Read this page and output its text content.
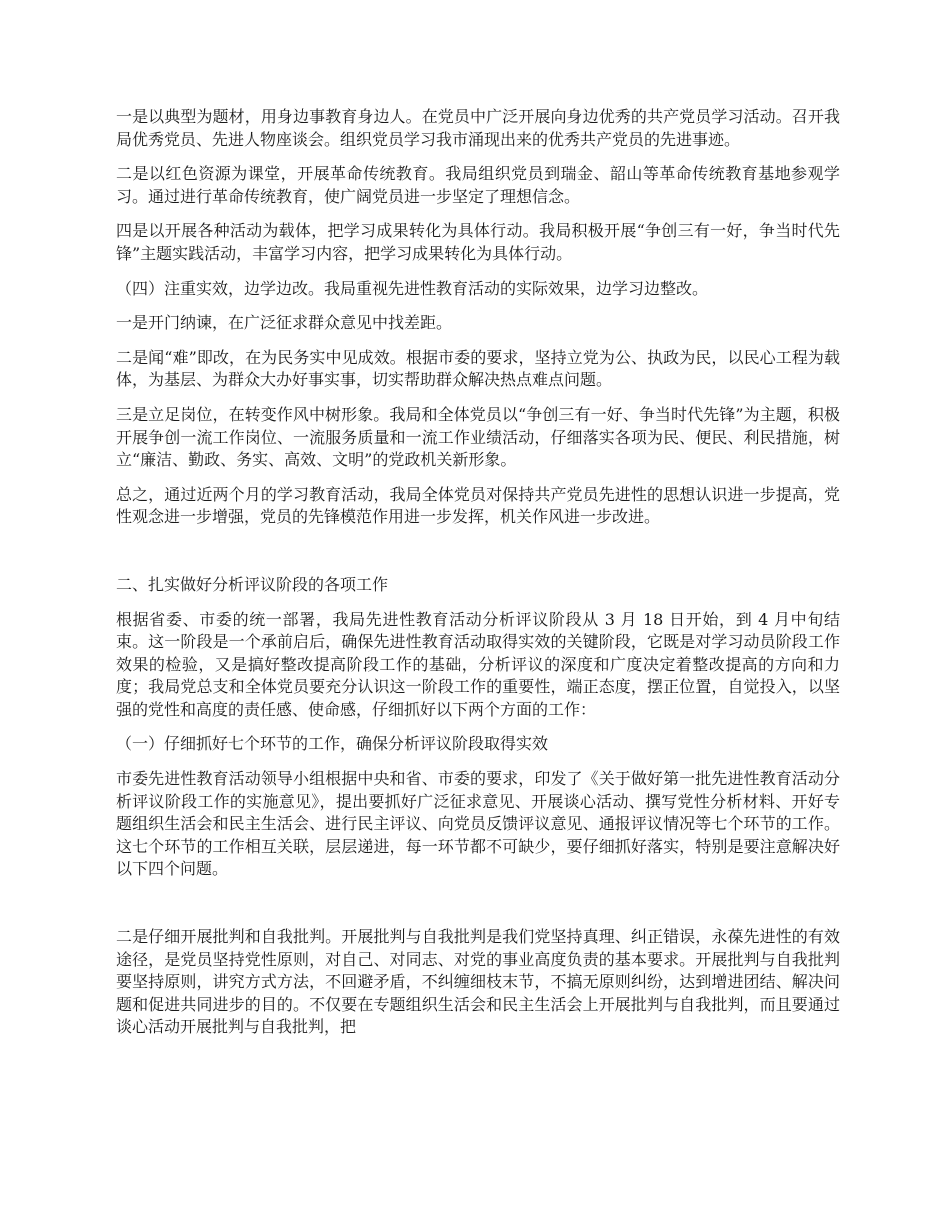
一是以典型为题材，用身边事教育身边人。在党员中广泛开展向身边优秀的共产党员学习活动。召开我局优秀党员、先进人物座谈会。组织党员学习我市涌现出来的优秀共产党员的先进事迹。

二是以红色资源为课堂，开展革命传统教育。我局组织党员到瑞金、韶山等革命传统教育基地参观学习。通过进行革命传统教育，使广阔党员进一步坚定了理想信念。

四是以开展各种活动为载体，把学习成果转化为具体行动。我局积极开展“争创三有一好，争当时代先锋”主题实践活动，丰富学习内容，把学习成果转化为具体行动。

（四）注重实效，边学边改。我局重视先进性教育活动的实际效果，边学习边整改。

一是开门纳谏，在广泛征求群众意见中找差距。

二是闻“难”即改，在为民务实中见成效。根据市委的要求，坚持立党为公、执政为民，以民心工程为载体，为基层、为群众大办好事实事，切实帮助群众解决热点难点问题。

三是立足岗位，在转变作风中树形象。我局和全体党员以“争创三有一好、争当时代先锋”为主题，积极开展争创一流工作岗位、一流服务质量和一流工作业绩活动，仔细落实各项为民、便民、利民措施，树立“廉洁、勤政、务实、高效、文明”的党政机关新形象。

总之，通过近两个月的学习教育活动，我局全体党员对保持共产党员先进性的思想认识进一步提高，党性观念进一步增强，党员的先锋模范作用进一步发挥，机关作风进一步改进。

二、扎实做好分析评议阶段的各项工作

根据省委、市委的统一部署，我局先进性教育活动分析评议阶段从 3 月 18 日开始，到 4 月中旬结束。这一阶段是一个承前启后，确保先进性教育活动取得实效的关键阶段，它既是对学习动员阶段工作效果的检验，又是搞好整改提高阶段工作的基础，分析评议的深度和广度决定着整改提高的方向和力度；我局党总支和全体党员要充分认识这一阶段工作的重要性，端正态度，摆正位置，自觉投入，以坚强的党性和高度的责任感、使命感，仔细抓好以下两个方面的工作：

（一）仔细抓好七个环节的工作，确保分析评议阶段取得实效

市委先进性教育活动领导小组根据中央和省、市委的要求，印发了《关于做好第一批先进性教育活动分析评议阶段工作的实施意见》，提出要抓好广泛征求意见、开展谈心活动、撰写党性分析材料、开好专题组织生活会和民主生活会、进行民主评议、向党员反馈评议意见、通报评议情况等七个环节的工作。这七个环节的工作相互关联，层层递进，每一环节都不可缺少，要仔细抓好落实，特别是要注意解决好以下四个问题。

二是仔细开展批判和自我批判。开展批判与自我批判是我们党坚持真理、纠正错误，永葆先进性的有效途径，是党员坚持党性原则，对自己、对同志、对党的事业高度负责的基本要求。开展批判与自我批判要坚持原则，讲究方式方法，不回避矛盾，不纠缠细枝末节，不搞无原则纠纷，达到增进团结、解决问题和促进共同进步的目的。不仅要在专题组织生活会和民主生活会上开展批判与自我批判，而且要通过谈心活动开展批判与自我批判，把
